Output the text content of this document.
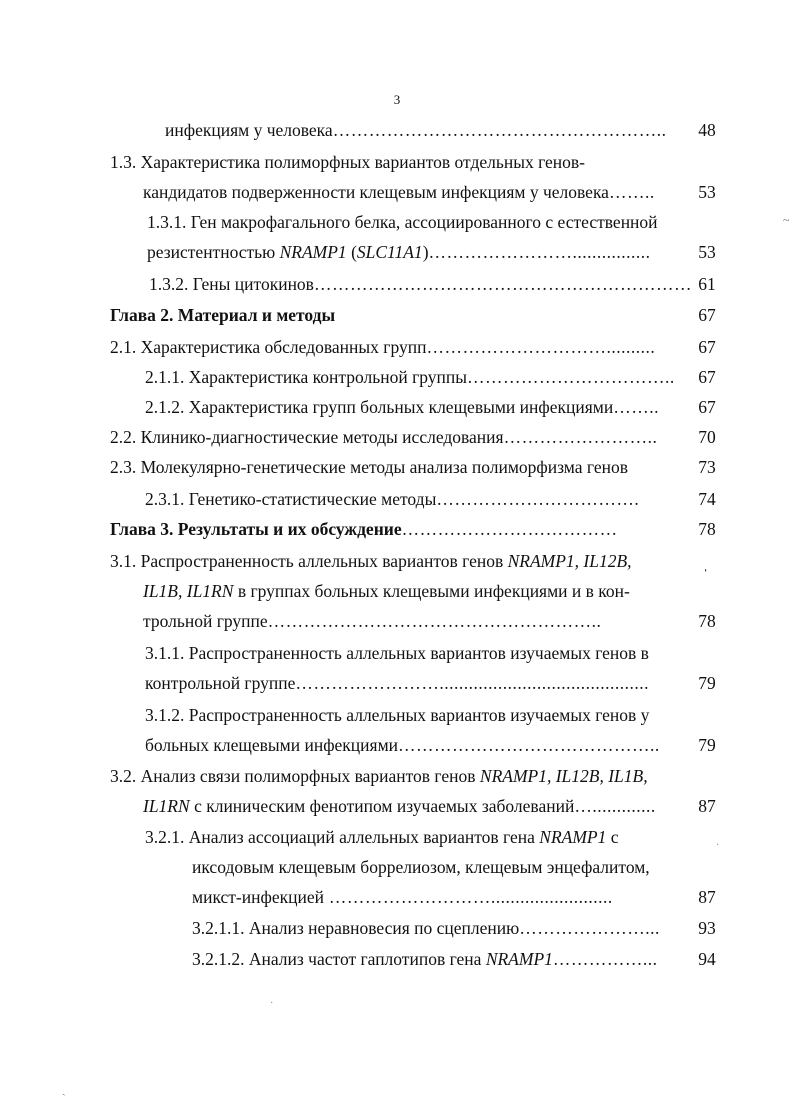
3
инфекциям у человека………………………………………………..	48
1.3. Характеристика полиморфных вариантов отдельных генов-
кандидатов подверженности клещевым инфекциям у человека……..	53
1.3.1. Ген макрофагального белка, ассоциированного с естественной
резистентностью NRAMP1 (SLC11A1)……………………................	53
1.3.2. Гены цитокинов……………………………………………………… 61
Глава 2. Материал и методы	67
2.1. Характеристика обследованных групп…………………………..........	67
2.1.1. Характеристика контрольной группы……………………………..	67
2.1.2. Характеристика групп больных клещевыми инфекциями……..	67
2.2. Клинико-диагностические методы исследования……………………..	70
2.3. Молекулярно-генетические методы анализа полиморфизма генов	73
2.3.1. Генетико-статистические методы…………………………….	74
Глава 3. Результаты и их обсуждение………………………………	78
3.1. Распространенность аллельных вариантов генов NRAMP1, IL12B,	ˌ
IL1B, IL1RN в группах больных клещевыми инфекциями и в кон-
трольной группе………………………………………………..	78
3.1.1. Распространенность аллельных вариантов изучаемых генов в
контрольной группе……………………...........................................	79
3.1.2. Распространенность аллельных вариантов изучаемых генов у
больных клещевыми инфекциями……………………………………..	79
3.2. Анализ связи полиморфных вариантов генов NRAMP1, IL12B, IL1B,
IL1RN с клиническим фенотипом изучаемых заболеваний….............	87
3.2.1. Анализ ассоциаций аллельных вариантов гена NRAMP1 с
иксодовым клещевым боррелиозом, клещевым энцефалитом,
микст-инфекцией ……………………….........................	87
3.2.1.1. Анализ неравновесия по сцеплению…………………...	93
3.2.1.2. Анализ частот гаплотипов гена NRAMP1……………...	94
~
·
·
ˏ
